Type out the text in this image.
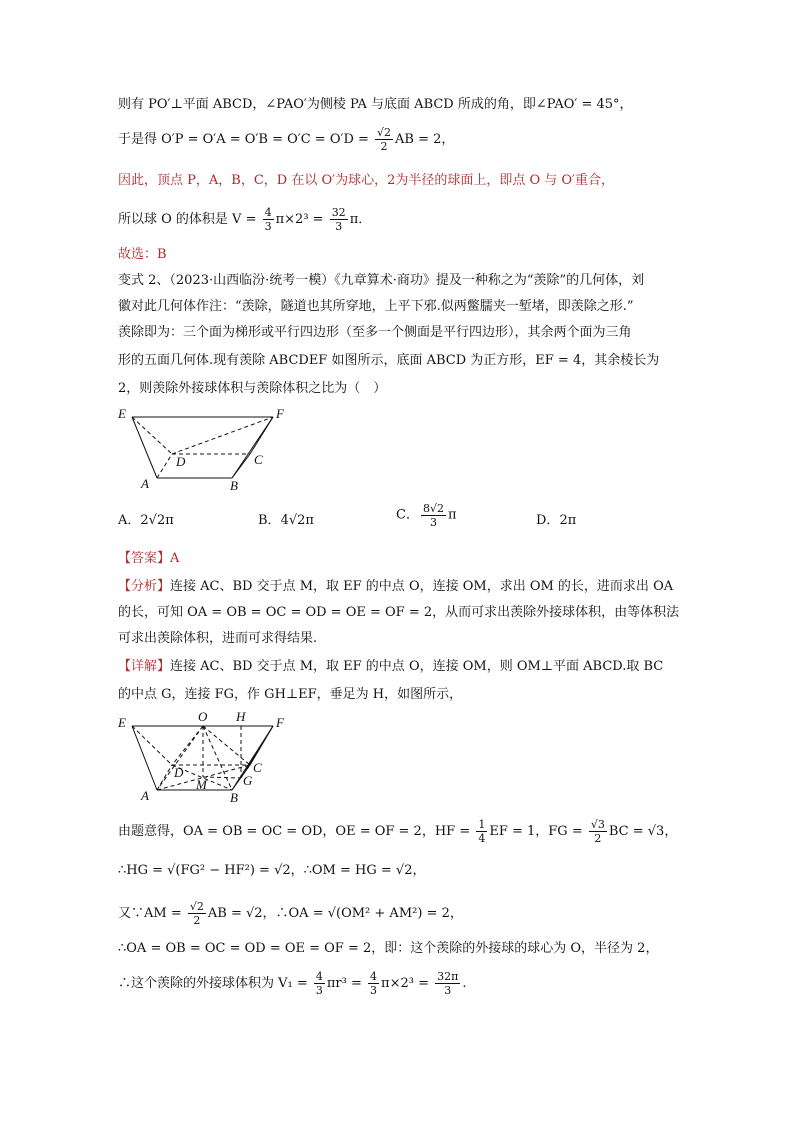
则有 PO′⊥平面 ABCD，∠PAO′为侧棱 PA 与底面 ABCD 所成的角，即∠PAO′ = 45°，
于是得 $O'P = O'A = O'B = O'C = O'D = \frac{√2}{2}$ AB = 2，
因此，顶点 P，A，B，C，D 在以 O′为球心，2为半径的球面上，即点 O 与 O′重合，
所以球 O 的体积是 $V = \frac{4}{3} \pi\times 2^3 = \frac{32}{3}$ π．
故选：B
变式 2、（2023·山西临汾·统考一模）《九章算术·商功》提及一种称之为“羡除”的几何体，刘
徽对此几何体作注：“羡除，隧道也其所穿地，上平下邪.似两鳖臑夹一堑堵，即羡除之形.”
羡除即为：三个面为梯形或平行四边形（至多一个侧面是平行四边形），其余两个面为三角
形的五面几何体.现有羡除 ABCDEF 如图所示，底面 ABCD 为正方形，EF = 4，其余棱长为
2，则羡除外接球体积与羡除体积之比为（　）
E	F
D	C
A	B
A．2√2π	B．4√2π	C． $\frac{8√2}{3}$ π	D．2π
【答案】A
【分析】连接 AC、BD 交于点 M，取 EF 的中点 O，连接 OM，求出 OM 的长，进而求出 OA
的长，可知 OA = OB = OC = OD = OE = OF = 2，从而可求出羡除外接球体积，由等体积法
可求出羡除体积，进而可求得结果.
【详解】连接 AC、BD 交于点 M，取 EF 的中点 O，连接 OM，则 OM⊥平面 ABCD.取 BC
的中点 G，连接 FG，作 GH⊥EF，垂足为 H，如图所示，
E	O H F
D	C
M	G
A	B
由题意得，OA = OB = OC = OD，OE = OF = 2，HF = $\frac{1}{4}$ EF = 1，FG = $\frac{√3}{2}$ BC = √3，
∴HG = √(FG² − HF²) = √2，∴OM = HG = √2，
又∵AM = $\frac{√2}{2}$ AB = √2，∴OA = √(OM² + AM²) = 2，
∴OA = OB = OC = OD = OE = OF = 2，即：这个羡除的外接球的球心为 O，半径为 2，
∴这个羡除的外接球体积为 $V_1 = \frac{4}{3} \pi r^3 = \frac{4}{3} \pi\times 2^3 = \frac{32\pi}{3}$ .
